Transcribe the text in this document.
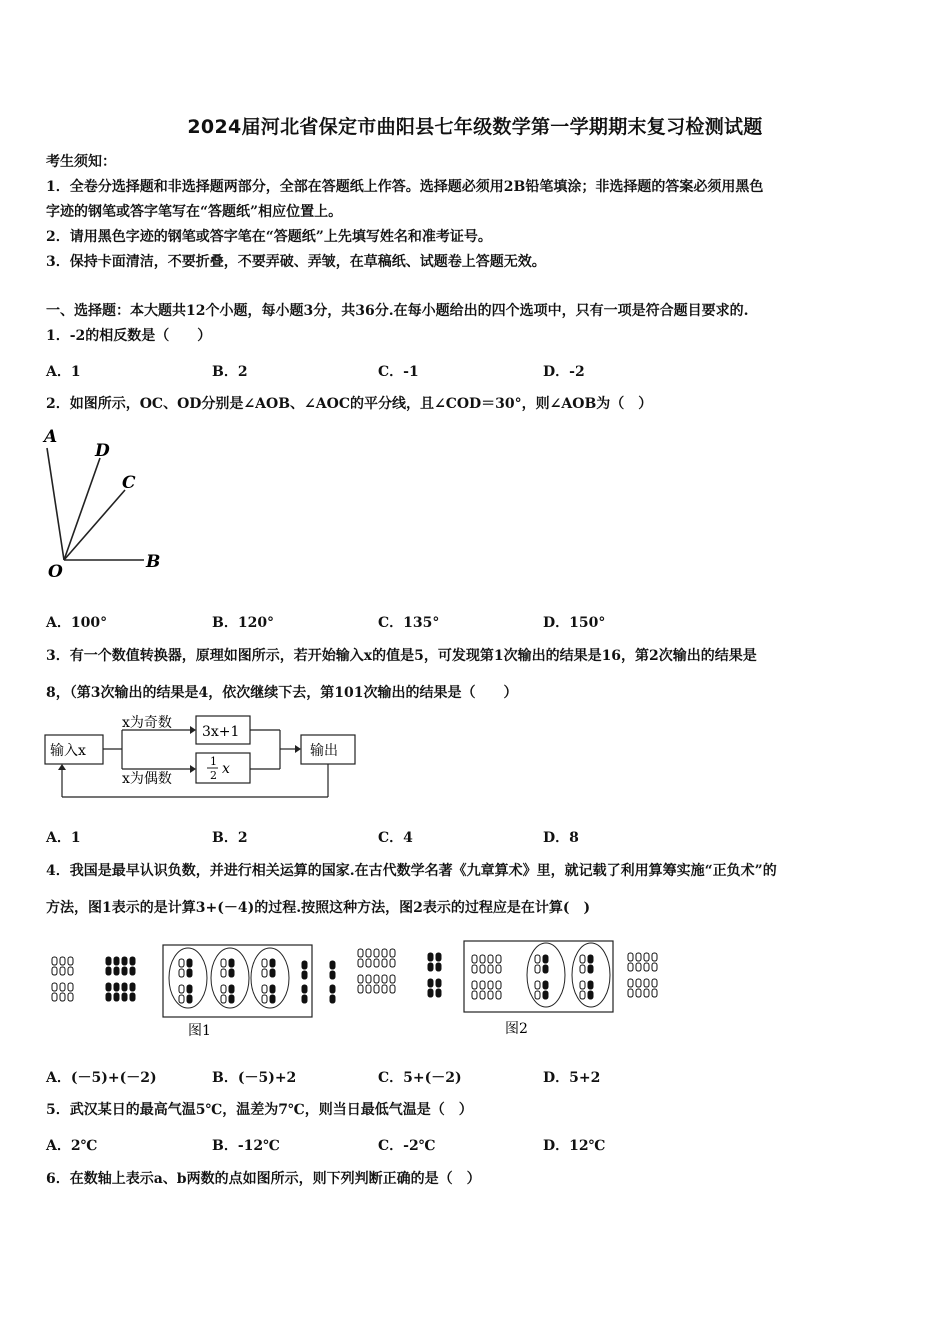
2024届河北省保定市曲阳县七年级数学第一学期期末复习检测试题
考生须知：
1．全卷分选择题和非选择题两部分，全部在答题纸上作答。选择题必须用2B铅笔填涂；非选择题的答案必须用黑色
字迹的钢笔或答字笔写在“答题纸”相应位置上。
2．请用黑色字迹的钢笔或答字笔在“答题纸”上先填写姓名和准考证号。
3．保持卡面清洁，不要折叠，不要弄破、弄皱，在草稿纸、试题卷上答题无效。
一、选择题：本大题共12个小题，每小题3分，共36分.在每小题给出的四个选项中，只有一项是符合题目要求的.
1．-2的相反数是（　　）
A．1	B．2	C．-1	D．-2
2．如图所示，OC、OD分别是∠AOB、∠AOC的平分线，且∠COD＝30°，则∠AOB为（　）
A
D
C
B
O
A．100°	B．120°	C．135°	D．150°
3．有一个数值转换器，原理如图所示，若开始输入x的值是5，可发现第1次输出的结果是16，第2次输出的结果是
8，（第3次输出的结果是4，依次继续下去，第101次输出的结果是（　　）
输入x
x为奇数
x为偶数
3x+1
1
2 x
输出
A．1	B．2	C．4	D．8
4．我国是最早认识负数，并进行相关运算的国家.在古代数学名著《九章算术》里，就记载了利用算筹实施“正负术”的
方法，图1表示的是计算3+(－4)的过程.按照这种方法，图2表示的过程应是在计算(　)
图1	图2
A．(－5)+(－2)	B．(－5)+2	C．5+(－2)	D．5+2
5．武汉某日的最高气温5℃，温差为7℃，则当日最低气温是（　）
A．2℃	B．-12℃	C．-2℃	D．12℃
6．在数轴上表示a、b两数的点如图所示，则下列判断正确的是（　）
